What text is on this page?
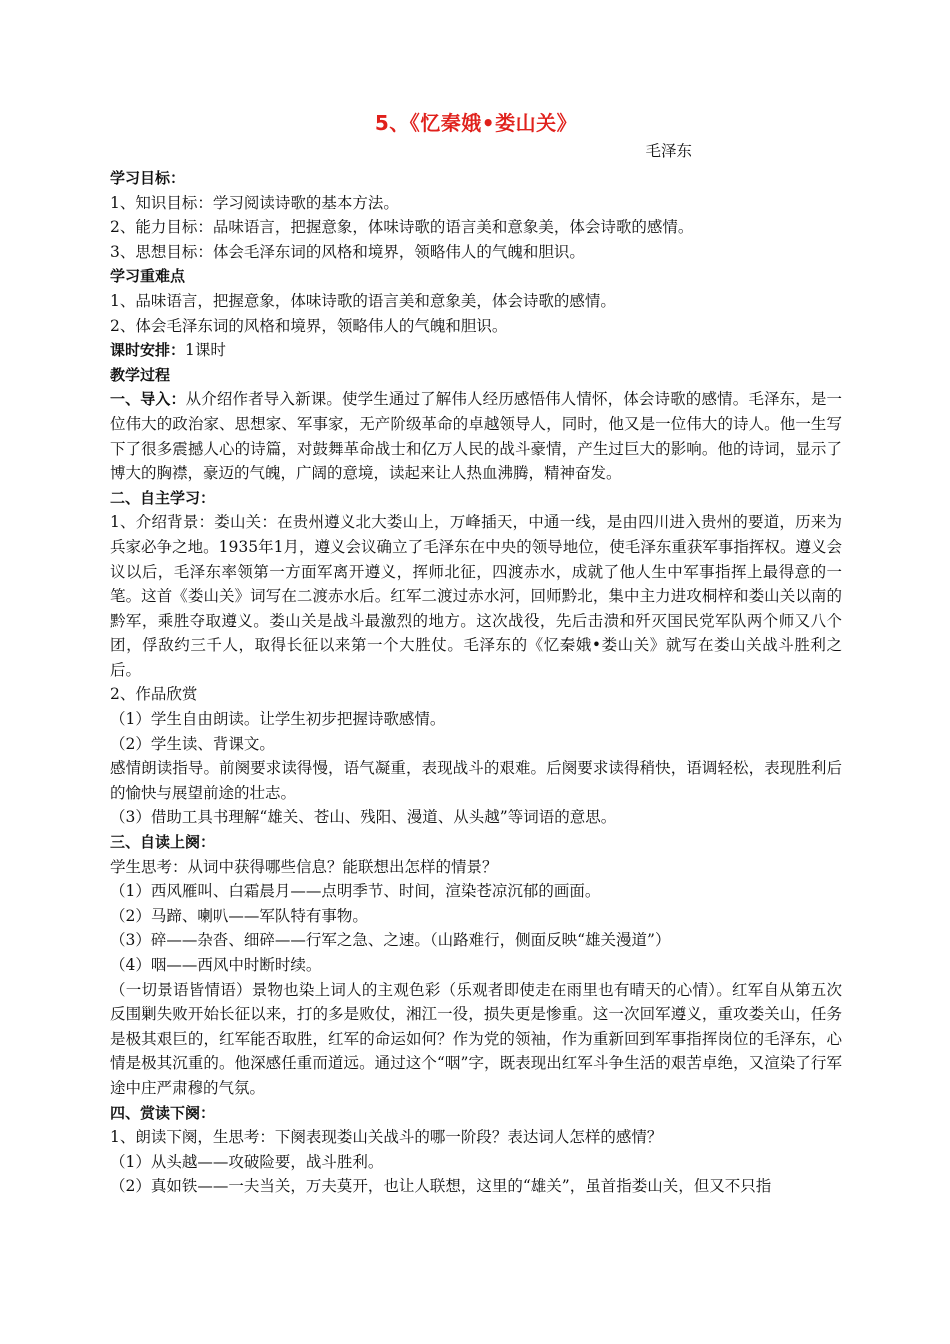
5、《忆秦娥•娄山关》

毛泽东
学习目标：

1、知识目标：学习阅读诗歌的基本方法。

2、能力目标：品味语言，把握意象，体味诗歌的语言美和意象美，体会诗歌的感情。

3、思想目标：体会毛泽东词的风格和境界，领略伟人的气魄和胆识。

学习重难点

1、品味语言，把握意象，体味诗歌的语言美和意象美，体会诗歌的感情。

2、体会毛泽东词的风格和境界，领略伟人的气魄和胆识。

课时安排：1课时

教学过程

一、导入：从介绍作者导入新课。使学生通过了解伟人经历感悟伟人情怀，体会诗歌的感情。毛泽东，是一位伟大的政治家、思想家、军事家，无产阶级革命的卓越领导人，同时，他又是一位伟大的诗人。他一生写下了很多震撼人心的诗篇，对鼓舞革命战士和亿万人民的战斗豪情，产生过巨大的影响。他的诗词，显示了博大的胸襟，豪迈的气魄，广阔的意境，读起来让人热血沸腾，精神奋发。

二、自主学习：

1、介绍背景：娄山关：在贵州遵义北大娄山上，万峰插天，中通一线，是由四川进入贵州的要道，历来为兵家必争之地。1935年1月，遵义会议确立了毛泽东在中央的领导地位，使毛泽东重获军事指挥权。遵义会议以后，毛泽东率领第一方面军离开遵义，挥师北征，四渡赤水，成就了他人生中军事指挥上最得意的一笔。这首《娄山关》词写在二渡赤水后。红军二渡过赤水河，回师黔北，集中主力进攻桐梓和娄山关以南的黔军，乘胜夺取遵义。娄山关是战斗最激烈的地方。这次战役，先后击溃和歼灭国民党军队两个师又八个团，俘敌约三千人，取得长征以来第一个大胜仗。毛泽东的《忆秦娥•娄山关》就写在娄山关战斗胜利之后。

2、作品欣赏

（1）学生自由朗读。让学生初步把握诗歌感情。

（2）学生读、背课文。

感情朗读指导。前阕要求读得慢，语气凝重，表现战斗的艰难。后阕要求读得稍快，语调轻松，表现胜利后的愉快与展望前途的壮志。

（3）借助工具书理解“雄关、苍山、残阳、漫道、从头越”等词语的意思。

三、自读上阕：

学生思考：从词中获得哪些信息？能联想出怎样的情景？

（1）西风雁叫、白霜晨月——点明季节、时间，渲染苍凉沉郁的画面。

（2）马蹄、喇叭——军队特有事物。

（3）碎——杂沓、细碎——行军之急、之速。（山路难行，侧面反映“雄关漫道”）

（4）咽——西风中时断时续。

（一切景语皆情语）景物也染上词人的主观色彩（乐观者即使走在雨里也有晴天的心情）。红军自从第五次反围剿失败开始长征以来，打的多是败仗，湘江一役，损失更是惨重。这一次回军遵义，重攻娄关山，任务是极其艰巨的，红军能否取胜，红军的命运如何？作为党的领袖，作为重新回到军事指挥岗位的毛泽东，心情是极其沉重的。他深感任重而道远。通过这个“咽”字，既表现出红军斗争生活的艰苦卓绝，又渲染了行军途中庄严肃穆的气氛。

四、赏读下阕：

1、朗读下阕，生思考：下阕表现娄山关战斗的哪一阶段？表达词人怎样的感情？

（1）从头越——攻破险要，战斗胜利。

（2）真如铁——一夫当关，万夫莫开，也让人联想，这里的“雄关”，虽首指娄山关，但又不只指
